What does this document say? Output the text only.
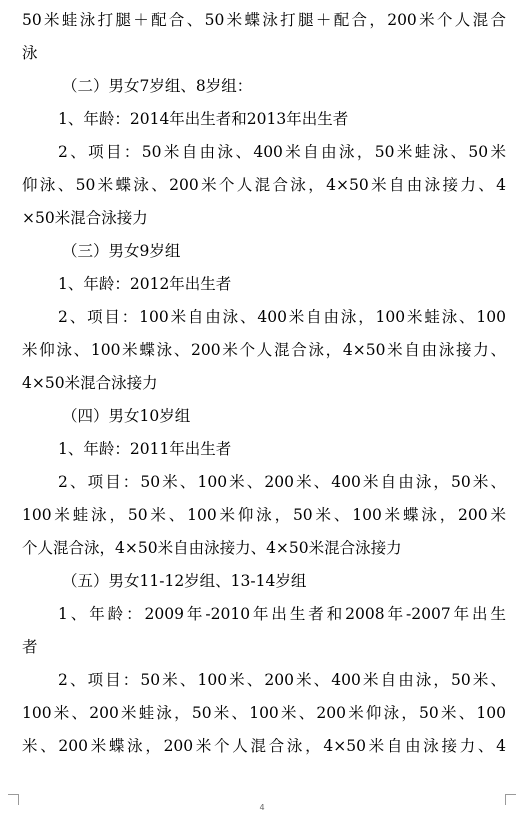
50米蛙泳打腿＋配合、50米蝶泳打腿＋配合，200米个人混合
泳
（二）男女7岁组、8岁组：
1、年龄：2014年出生者和2013年出生者
2、项目：50米自由泳、400米自由泳，50米蛙泳、50米
仰泳、50米蝶泳、200米个人混合泳，4×50米自由泳接力、4
×50米混合泳接力
（三）男女9岁组
1、年龄：2012年出生者
2、项目：100米自由泳、400米自由泳，100米蛙泳、100
米仰泳、100米蝶泳、200米个人混合泳，4×50米自由泳接力、
4×50米混合泳接力
（四）男女10岁组
1、年龄：2011年出生者
2、项目：50米、100米、200米、400米自由泳，50米、
100米蛙泳，50米、100米仰泳，50米、100米蝶泳，200米
个人混合泳，4×50米自由泳接力、4×50米混合泳接力
（五）男女11-12岁组、13-14岁组
1、年龄：2009年-2010年出生者和2008年-2007年出生
者
2、项目：50米、100米、200米、400米自由泳，50米、
100米、200米蛙泳，50米、100米、200米仰泳，50米、100
米、200米蝶泳，200米个人混合泳，4×50米自由泳接力、4
4
